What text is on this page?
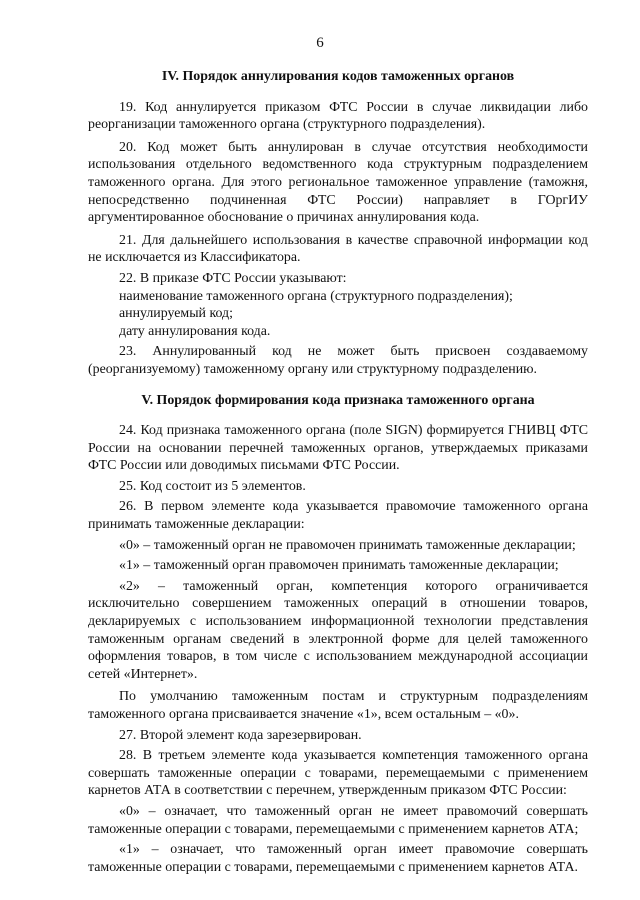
6

IV. Порядок аннулирования кодов таможенных органов

19. Код аннулируется приказом ФТС России в случае ликвидации либо реорганизации таможенного органа (структурного подразделения).

20. Код может быть аннулирован в случае отсутствия необходимости использования отдельного ведомственного кода структурным подразделением таможенного органа. Для этого региональное таможенное управление (таможня, непосредственно подчиненная ФТС России) направляет в ГОргИУ аргументированное обоснование о причинах аннулирования кода.

21. Для дальнейшего использования в качестве справочной информации код не исключается из Классификатора.

22. В приказе ФТС России указывают:

наименование таможенного органа (структурного подразделения);

аннулируемый код;

дату аннулирования кода.

23. Аннулированный код не может быть присвоен создаваемому (реорганизуемому) таможенному органу или структурному подразделению.

V. Порядок формирования кода признака таможенного органа

24. Код признака таможенного органа (поле SIGN) формируется ГНИВЦ ФТС России на основании перечней таможенных органов, утверждаемых приказами ФТС России или доводимых письмами ФТС России.

25. Код состоит из 5 элементов.

26. В первом элементе кода указывается правомочие таможенного органа принимать таможенные декларации:

«0» – таможенный орган не правомочен принимать таможенные декларации;

«1» – таможенный орган правомочен принимать таможенные декларации;

«2» – таможенный орган, компетенция которого ограничивается исключительно совершением таможенных операций в отношении товаров, декларируемых с использованием информационной технологии представления таможенным органам сведений в электронной форме для целей таможенного оформления товаров, в том числе с использованием международной ассоциации сетей «Интернет».

По умолчанию таможенным постам и структурным подразделениям таможенного органа присваивается значение «1», всем остальным – «0».

27. Второй элемент кода зарезервирован.

28. В третьем элементе кода указывается компетенция таможенного органа совершать таможенные операции с товарами, перемещаемыми с применением карнетов АТА в соответствии с перечнем, утвержденным приказом ФТС России:

«0» – означает, что таможенный орган не имеет правомочий совершать таможенные операции с товарами, перемещаемыми с применением карнетов АТА;

«1» – означает, что таможенный орган имеет правомочие совершать таможенные операции с товарами, перемещаемыми с применением карнетов АТА.
